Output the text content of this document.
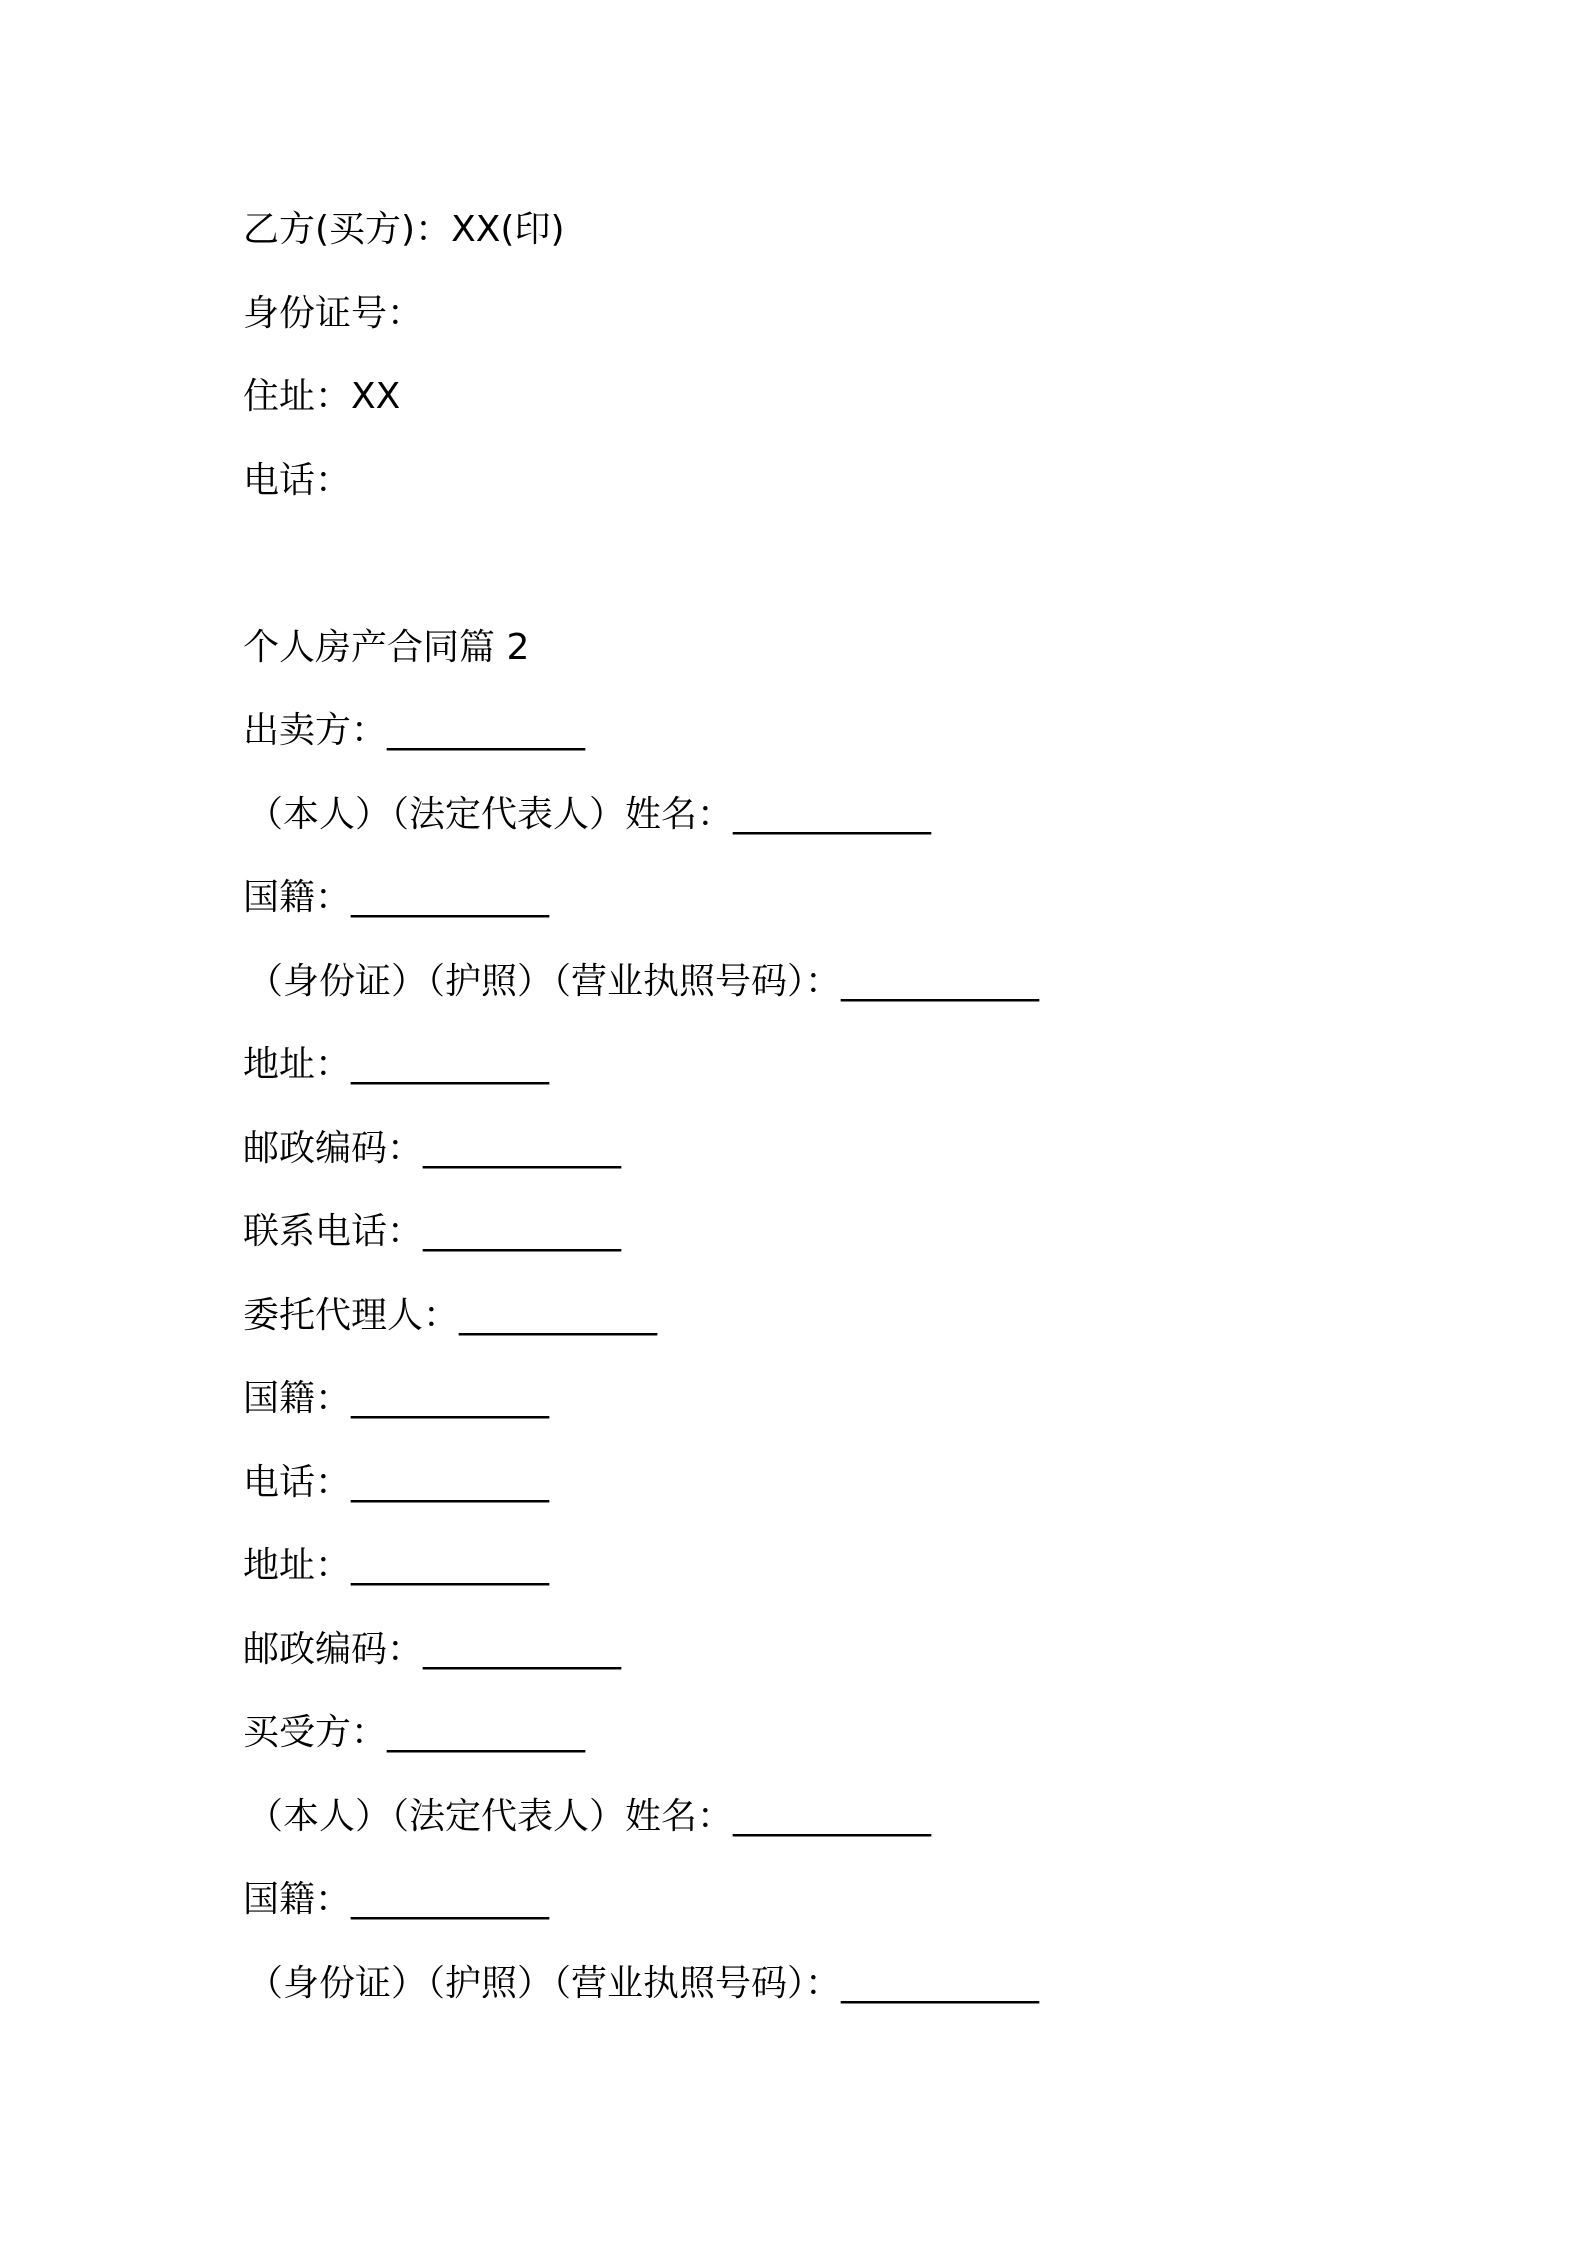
乙方(买方)：XX(印)
身份证号：
住址：XX
电话：
个人房产合同篇 2
出卖方：___________
（本人）（法定代表人）姓名：___________
国籍：___________
（身份证）（护照）（营业执照号码）：___________
地址：___________
邮政编码：___________
联系电话：___________
委托代理人：___________
国籍：___________
电话：___________
地址：___________
邮政编码：___________
买受方：___________
（本人）（法定代表人）姓名：___________
国籍：___________
（身份证）（护照）（营业执照号码）：___________
